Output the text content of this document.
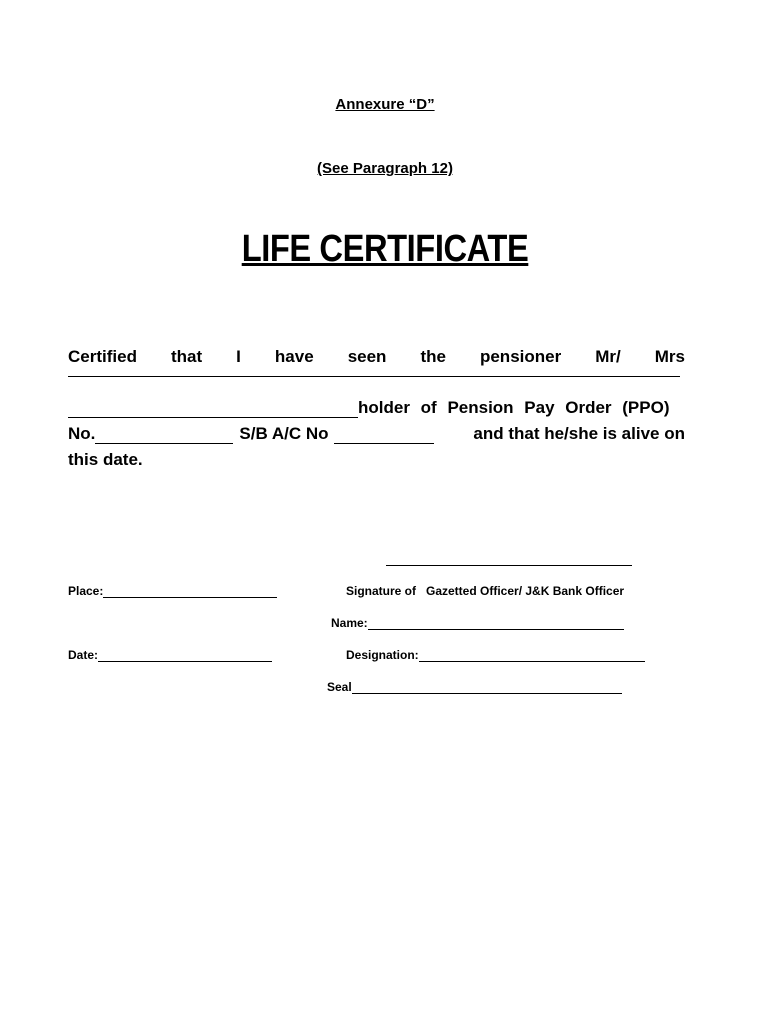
Annexure “D”
(See Paragraph 12)
LIFE CERTIFICATE
Certified that I have seen the pensioner Mr/ Mrs
holder of Pension Pay Order (PPO)
No.	S/B A/C No	and that he/she is alive on
this date.
Place:	Signature of   Gazetted Officer/ J&K Bank Officer
Name:
Date:	Designation:
Seal
